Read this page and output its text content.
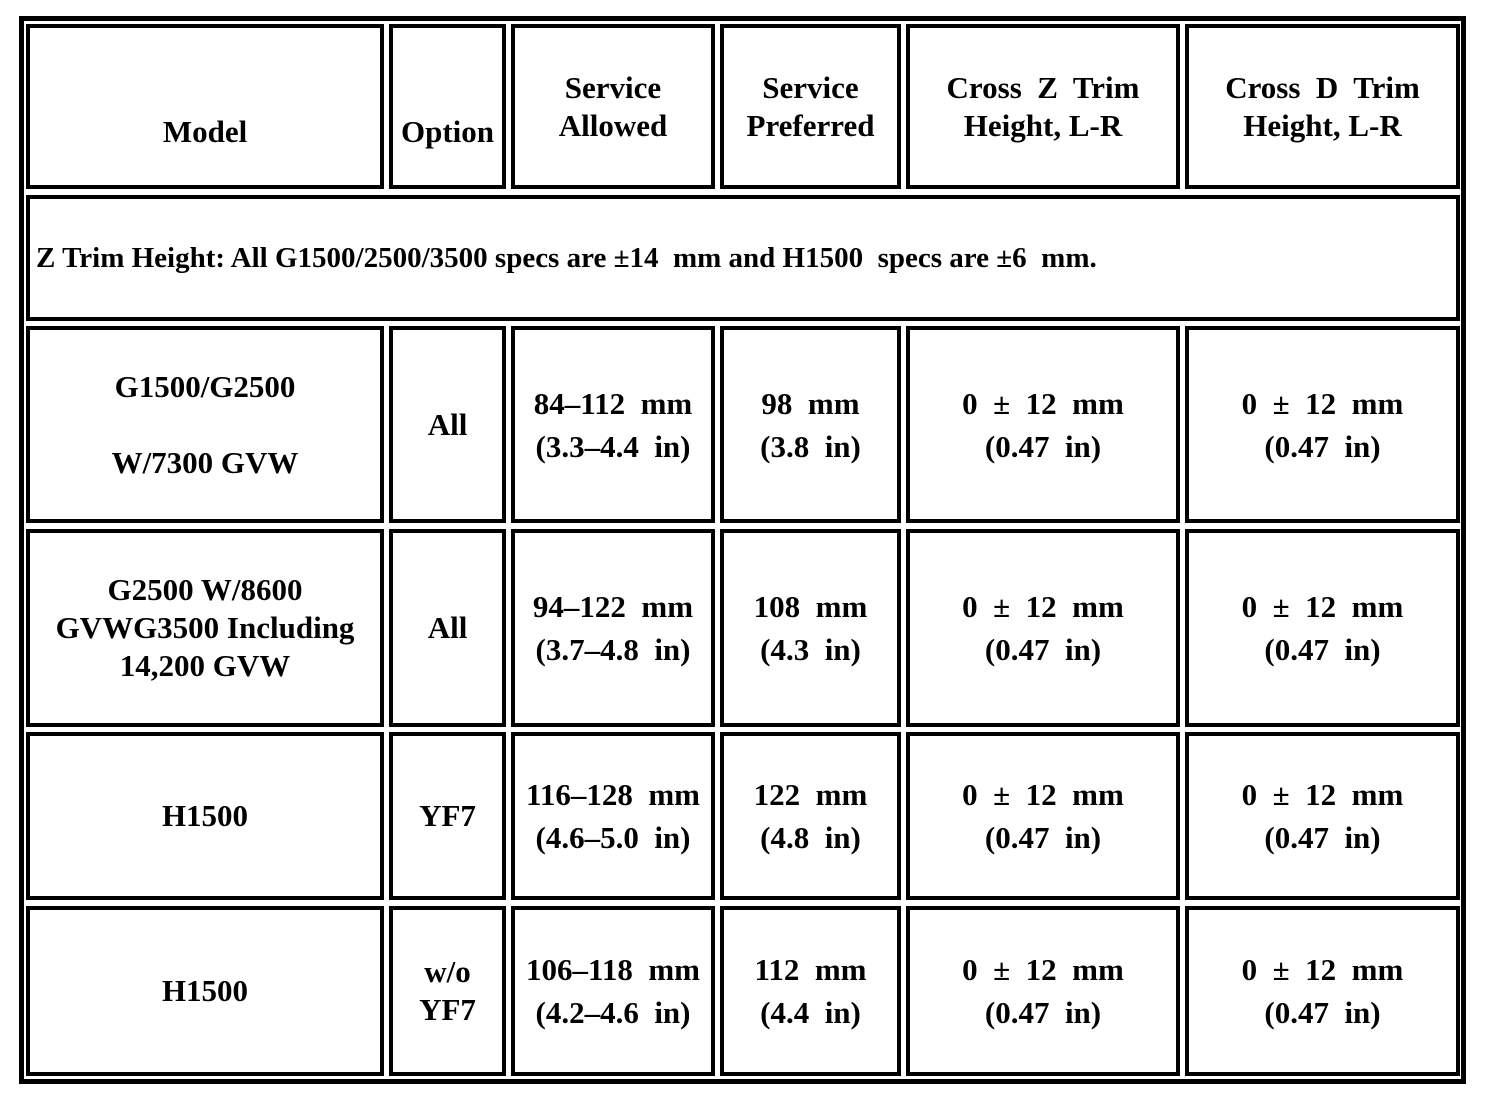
Model	Option
Service
Allowed
Service
Preferred
Cross  Z  Trim
Height, L-R
Cross  D  Trim
Height, L-R
Z Trim Height: All G1500/2500/3500 specs are ±14  mm and H1500  specs are ±6  mm.
G1500/G2500
W/7300 GVW
All
84–112  mm
(3.3–4.4  in)
98  mm
(3.8  in)
0  ±  12  mm
(0.47  in)
0  ±  12  mm
(0.47  in)
G2500 W/8600
GVWG3500 Including
14,200 GVW
All
94–122  mm
(3.7–4.8  in)
108  mm
(4.3  in)
0  ±  12  mm
(0.47  in)
0  ±  12  mm
(0.47  in)
H1500	YF7
116–128  mm
(4.6–5.0  in)
122  mm
(4.8  in)
0  ±  12  mm
(0.47  in)
0  ±  12  mm
(0.47  in)
H1500
w/o
YF7
106–118  mm
(4.2–4.6  in)
112  mm
(4.4  in)
0  ±  12  mm
(0.47  in)
0  ±  12  mm
(0.47  in)
